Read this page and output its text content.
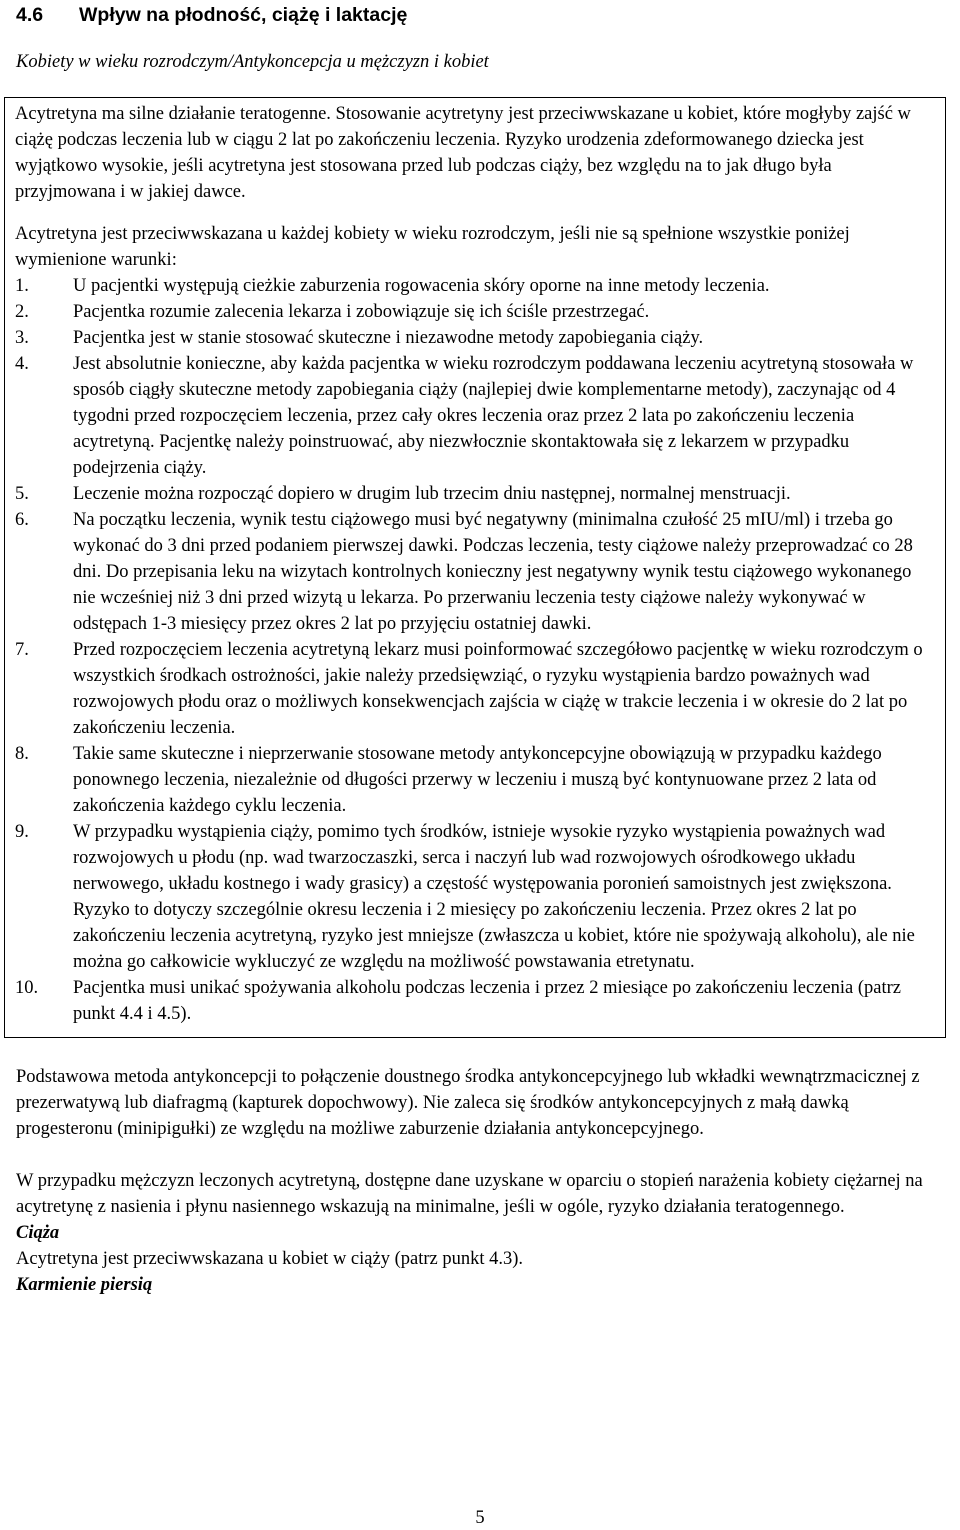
4.6 Wpływ na płodność, ciążę i laktację

Kobiety w wieku rozrodczym/Antykoncepcja u mężczyzn i kobiet

Acytretyna ma silne działanie teratogenne. Stosowanie acytretyny jest przeciwwskazane u kobiet, które mogłyby zajść w ciążę podczas leczenia lub w ciągu 2 lat po zakończeniu leczenia. Ryzyko urodzenia zdeformowanego dziecka jest wyjątkowo wysokie, jeśli acytretyna jest stosowana przed lub podczas ciąży, bez względu na to jak długo była przyjmowana i w jakiej dawce.

Acytretyna jest przeciwwskazana u każdej kobiety w wieku rozrodczym, jeśli nie są spełnione wszystkie poniżej wymienione warunki:

1. U pacjentki występują cieżkie zaburzenia rogowacenia skóry oporne na inne metody leczenia.
2. Pacjentka rozumie zalecenia lekarza i zobowiązuje się ich ściśle przestrzegać.
3. Pacjentka jest w stanie stosować skuteczne i niezawodne metody zapobiegania ciąży.
4. Jest absolutnie konieczne, aby każda pacjentka w wieku rozrodczym poddawana leczeniu acytretyną stosowała w sposób ciągły skuteczne metody zapobiegania ciąży (najlepiej dwie komplementarne metody), zaczynając od 4 tygodni przed rozpoczęciem leczenia, przez cały okres leczenia oraz przez 2 lata po zakończeniu leczenia acytretyną. Pacjentkę należy poinstruować, aby niezwłocznie skontaktowała się z lekarzem w przypadku podejrzenia ciąży.
5. Leczenie można rozpocząć dopiero w drugim lub trzecim dniu następnej, normalnej menstruacji.
6. Na początku leczenia, wynik testu ciążowego musi być negatywny (minimalna czułość 25 mIU/ml) i trzeba go wykonać do 3 dni przed podaniem pierwszej dawki. Podczas leczenia, testy ciążowe należy przeprowadzać co 28 dni. Do przepisania leku na wizytach kontrolnych konieczny jest negatywny wynik testu ciążowego wykonanego nie wcześniej niż 3 dni przed wizytą u lekarza. Po przerwaniu leczenia testy ciążowe należy wykonywać w odstępach 1-3 miesięcy przez okres 2 lat po przyjęciu ostatniej dawki.
7. Przed rozpoczęciem leczenia acytretyną lekarz musi poinformować szczegółowo pacjentkę w wieku rozrodczym o wszystkich środkach ostrożności, jakie należy przedsięwziąć, o ryzyku wystąpienia bardzo poważnych wad rozwojowych płodu oraz o możliwych konsekwencjach zajścia w ciążę w trakcie leczenia i w okresie do 2 lat po zakończeniu leczenia.
8. Takie same skuteczne i nieprzerwanie stosowane metody antykoncepcyjne obowiązują w przypadku każdego ponownego leczenia, niezależnie od długości przerwy w leczeniu i muszą być kontynuowane przez 2 lata od zakończenia każdego cyklu leczenia.
9. W przypadku wystąpienia ciąży, pomimo tych środków, istnieje wysokie ryzyko wystąpienia poważnych wad rozwojowych u płodu (np. wad twarzoczaszki, serca i naczyń lub wad rozwojowych ośrodkowego układu nerwowego, układu kostnego i wady grasicy) a częstość występowania poronień samoistnych jest zwiększona. Ryzyko to dotyczy szczególnie okresu leczenia i 2 miesięcy po zakończeniu leczenia. Przez okres 2 lat po zakończeniu leczenia acytretyną, ryzyko jest mniejsze (zwłaszcza u kobiet, które nie spożywają alkoholu), ale nie można go całkowicie wykluczyć ze względu na możliwość powstawania etretynatu.
10. Pacjentka musi unikać spożywania alkoholu podczas leczenia i przez 2 miesiące po zakończeniu leczenia (patrz punkt 4.4 i 4.5).

Podstawowa metoda antykoncepcji to połączenie doustnego środka antykoncepcyjnego lub wkładki wewnątrzmacicznej z prezerwatywą lub diafragmą (kapturek dopochwowy). Nie zaleca się środków antykoncepcyjnych z małą dawką progesteronu (minipigułki) ze względu na możliwe zaburzenie działania antykoncepcyjnego.

W przypadku mężczyzn leczonych acytretyną, dostępne dane uzyskane w oparciu o stopień narażenia kobiety ciężarnej na acytretynę z nasienia i płynu nasiennego wskazują na minimalne, jeśli w ogóle, ryzyko działania teratogennego.

Ciąża

Acytretyna jest przeciwwskazana u kobiet w ciąży (patrz punkt 4.3).

Karmienie piersią

5
